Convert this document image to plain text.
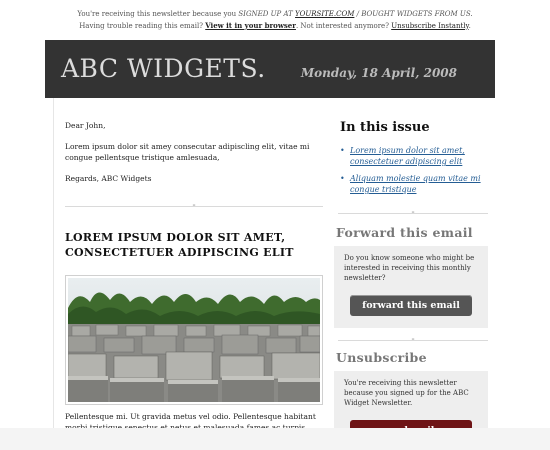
You're receiving this newsletter because you SIGNED UP AT YOURSITE.COM / BOUGHT WIDGETS FROM US.
Having trouble reading this email? View it in your browser. Not interested anymore? Unsubscribe Instantly.
ABC WIDGETS.	Monday, 18 April, 2008

Dear John,

Lorem ipsum dolor sit amey consecutar adipiscling elit, vitae mi congue pellentsque tristique amlesuada,

Regards, ABC Widgets

⁃
LOREM IPSUM DOLOR SIT AMET, CONSECTETUER ADIPISCING ELIT
Pellentesque mi. Ut gravida metus vel odio. Pellentesque habitant
In this issue
• Lorem ipsum dolor sit amet, consectetuer adipiscing elit
• Aliquam molestie quam vitae mi congue tristique
⁃
Forward this email
Do you know someone who might be interested in receiving this monthly newsletter?
forward this email
⁃
Unsubscribe
You're receiving this newsletter because you signed up for the ABC Widget Newsletter.
